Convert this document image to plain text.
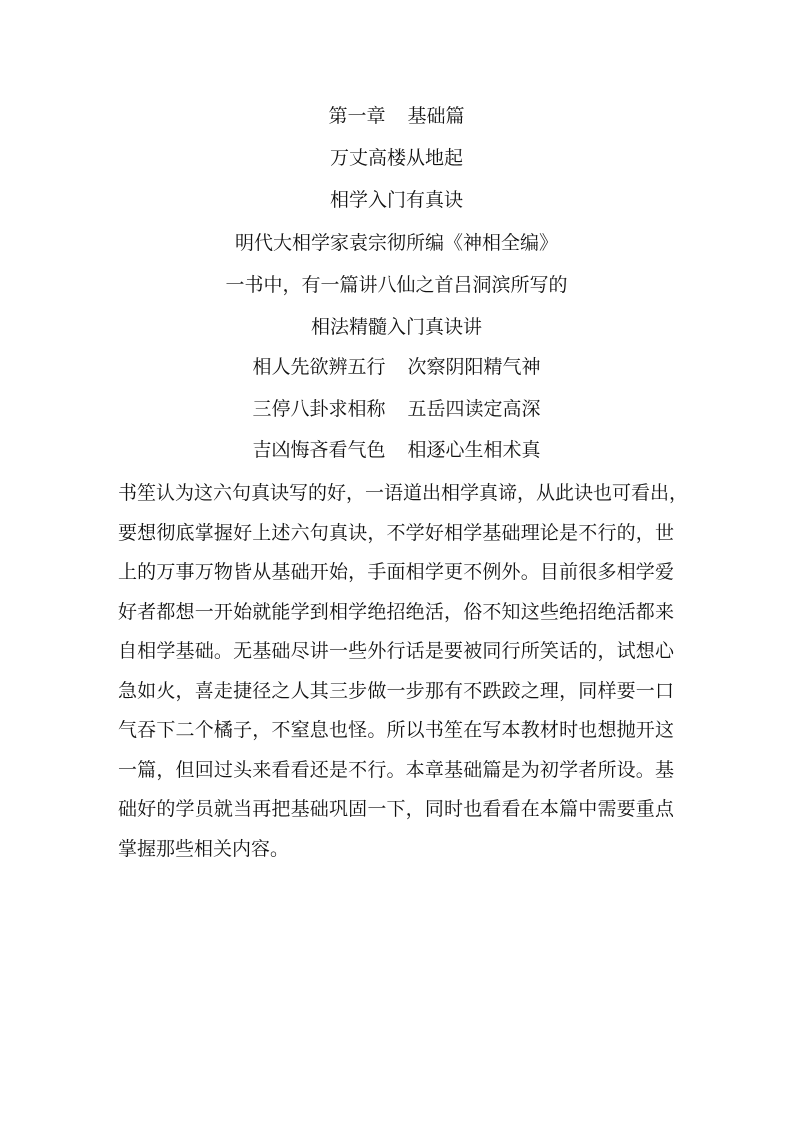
第一章 基础篇
万丈高楼从地起
相学入门有真诀
明代大相学家袁宗彻所编《神相全编》
一书中，有一篇讲八仙之首吕洞滨所写的
相法精髓入门真诀讲
相人先欲辨五行 次察阴阳精气神
三停八卦求相称 五岳四读定高深
吉凶悔吝看气色 相逐心生相术真
书笙认为这六句真诀写的好，一语道出相学真谛，从此诀也可看出，
要想彻底掌握好上述六句真诀，不学好相学基础理论是不行的，世
上的万事万物皆从基础开始，手面相学更不例外。目前很多相学爱
好者都想一开始就能学到相学绝招绝活，俗不知这些绝招绝活都来
自相学基础。无基础尽讲一些外行话是要被同行所笑话的，试想心
急如火，喜走捷径之人其三步做一步那有不跌跤之理，同样要一口
气吞下二个橘子，不窒息也怪。所以书笙在写本教材时也想抛开这
一篇，但回过头来看看还是不行。本章基础篇是为初学者所设。基
础好的学员就当再把基础巩固一下，同时也看看在本篇中需要重点
掌握那些相关内容。
